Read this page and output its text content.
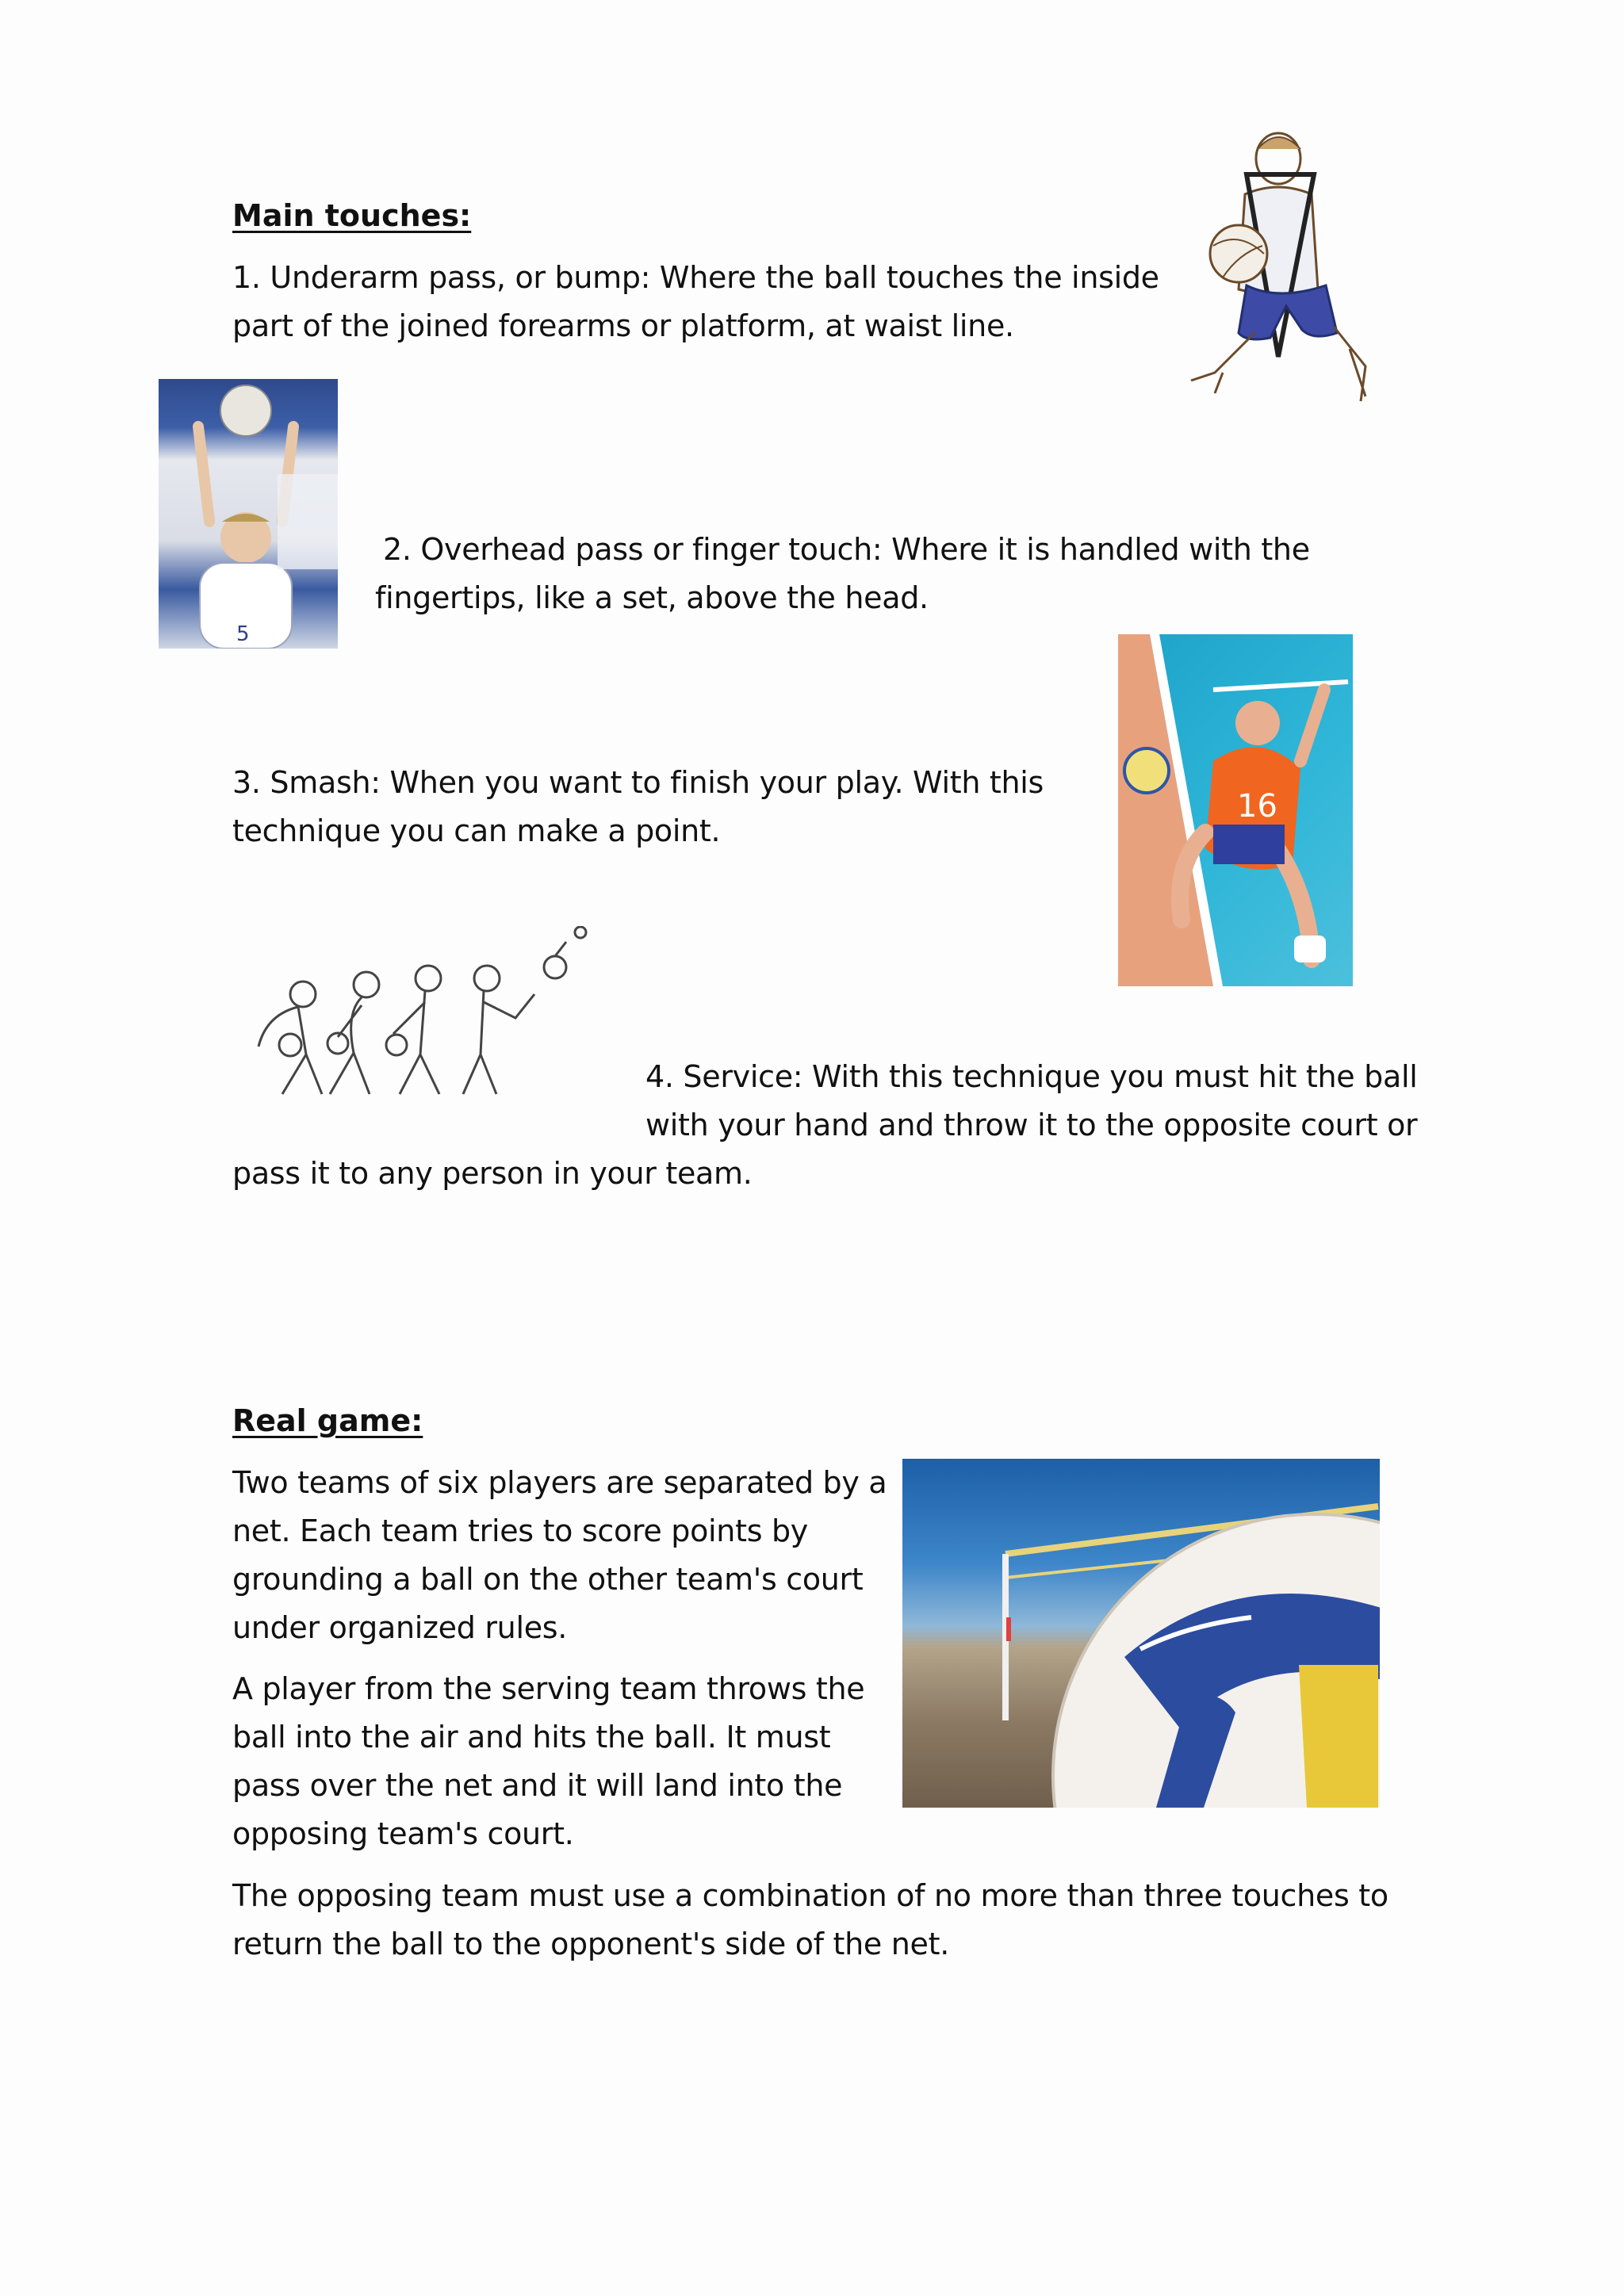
Main touches:

1. Underarm pass, or bump: Where the ball touches the inside

part of the joined forearms or platform, at waist line.

5

2. Overhead pass or finger touch: Where it is handled with the

fingertips, like a set, above the head.

16

3. Smash: When you want to finish your play. With this

technique you can make a point.

4. Service: With this technique you must hit the ball

with your hand and throw it to the opposite court or

pass it to any person in your team.

Real game:

Two teams of six players are separated by a

net. Each team tries to score points by

grounding a ball on the other team's court

under organized rules.

A player from the serving team throws the

ball into the air and hits the ball. It must

pass over the net and it will land into the

opposing team's court.

The opposing team must use a combination of no more than three touches to

return the ball to the opponent's side of the net.
